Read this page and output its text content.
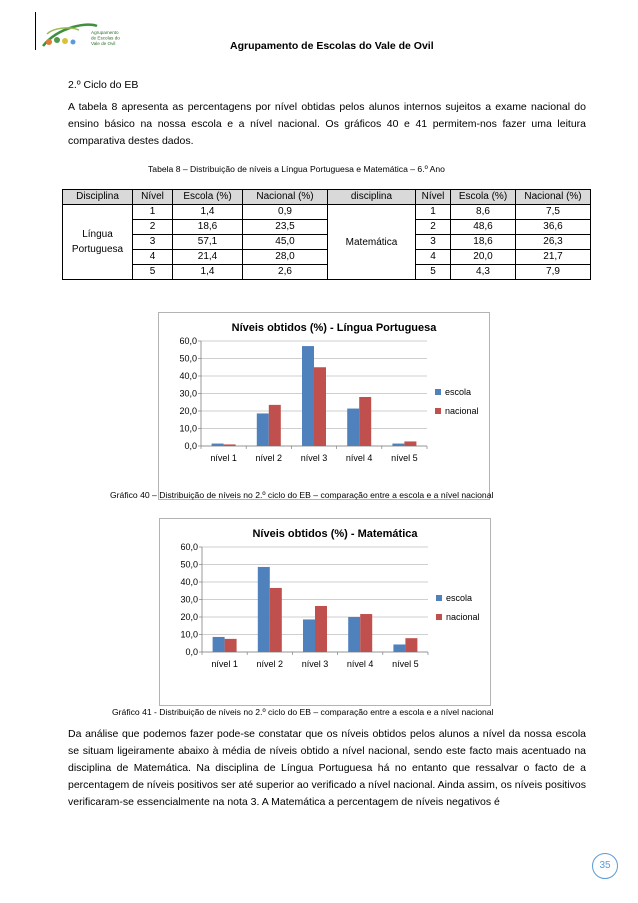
Agrupamento
de Escolas do
Vale de Ovil	Agrupamento de Escolas do Vale de Ovil
2.º Ciclo do EB

A tabela 8 apresenta as percentagens por nível obtidas pelos alunos internos sujeitos a exame nacional do ensino básico na nossa escola e a nível nacional. Os gráficos 40 e 41 permitem-nos fazer uma leitura comparativa destes dados.

Tabela 8 – Distribuição de níveis a Língua Portuguesa e Matemática – 6.º Ano
Disciplina	Nível	Escola (%)	Nacional (%)	disciplina	Nível	Escola (%)	Nacional (%)
Língua Portuguesa	1	1,4	0,9	Matemática	1	8,6	7,5
	2	18,6	23,5		2	48,6	36,6
	3	57,1	45,0		3	18,6	26,3
	4	21,4	28,0		4	20,0	21,7
	5	1,4	2,6		5	4,3	7,9
Níveis obtidos (%) - Língua Portuguesa
0,0
10,0
20,0
30,0
40,0
50,0
60,0
nível 1 nível 2 nível 3 nível 4 nível 5
escola
nacional
Gráfico 40 – Distribuição de níveis no 2.º ciclo do EB – comparação entre a escola e a nível nacional
Níveis obtidos (%) - Matemática
0,0
10,0
20,0
30,0
40,0
50,0
60,0
nível 1 nível 2 nível 3 nível 4 nível 5
escola
nacional
Gráfico 41 - Distribuição de níveis no 2.º ciclo do EB – comparação entre a escola e a nível nacional

Da análise que podemos fazer pode-se constatar que os níveis obtidos pelos alunos a nível da nossa escola se situam ligeiramente abaixo à média de níveis obtido a nível nacional, sendo este facto mais acentuado na disciplina de Matemática. Na disciplina de Língua Portuguesa há no entanto que ressalvar o facto de a percentagem de níveis positivos ser até superior ao verificado a nível nacional. Ainda assim, os níveis positivos verificaram-se essencialmente na nota 3. A Matemática a percentagem de níveis negativos é

35
